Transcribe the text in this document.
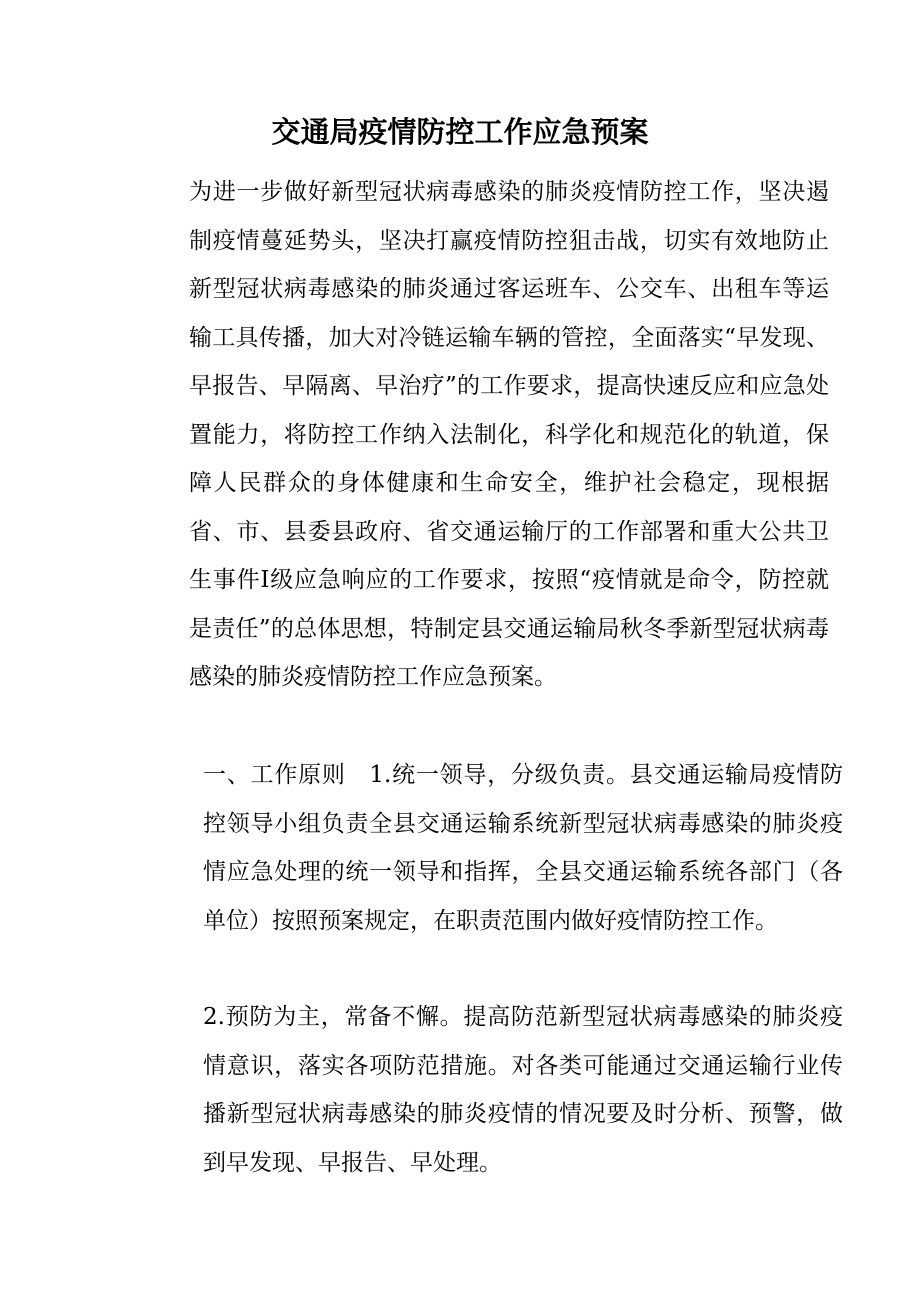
交通局疫情防控工作应急预案

为进一步做好新型冠状病毒感染的肺炎疫情防控工作，坚决遏制疫情蔓延势头，坚决打赢疫情防控狙击战，切实有效地防止新型冠状病毒感染的肺炎通过客运班车、公交车、出租车等运输工具传播，加大对冷链运输车辆的管控，全面落实“早发现、早报告、早隔离、早治疗”的工作要求，提高快速反应和应急处置能力，将防控工作纳入法制化，科学化和规范化的轨道，保障人民群众的身体健康和生命安全，维护社会稳定，现根据省、市、县委县政府、省交通运输厅的工作部署和重大公共卫生事件Ⅰ级应急响应的工作要求，按照“疫情就是命令，防控就是责任”的总体思想，特制定县交通运输局秋冬季新型冠状病毒感染的肺炎疫情防控工作应急预案。

一、工作原则　1.统一领导，分级负责。县交通运输局疫情防控领导小组负责全县交通运输系统新型冠状病毒感染的肺炎疫情应急处理的统一领导和指挥，全县交通运输系统各部门（各单位）按照预案规定，在职责范围内做好疫情防控工作。

2.预防为主，常备不懈。提高防范新型冠状病毒感染的肺炎疫情意识，落实各项防范措施。对各类可能通过交通运输行业传播新型冠状病毒感染的肺炎疫情的情况要及时分析、预警，做到早发现、早报告、早处理。
